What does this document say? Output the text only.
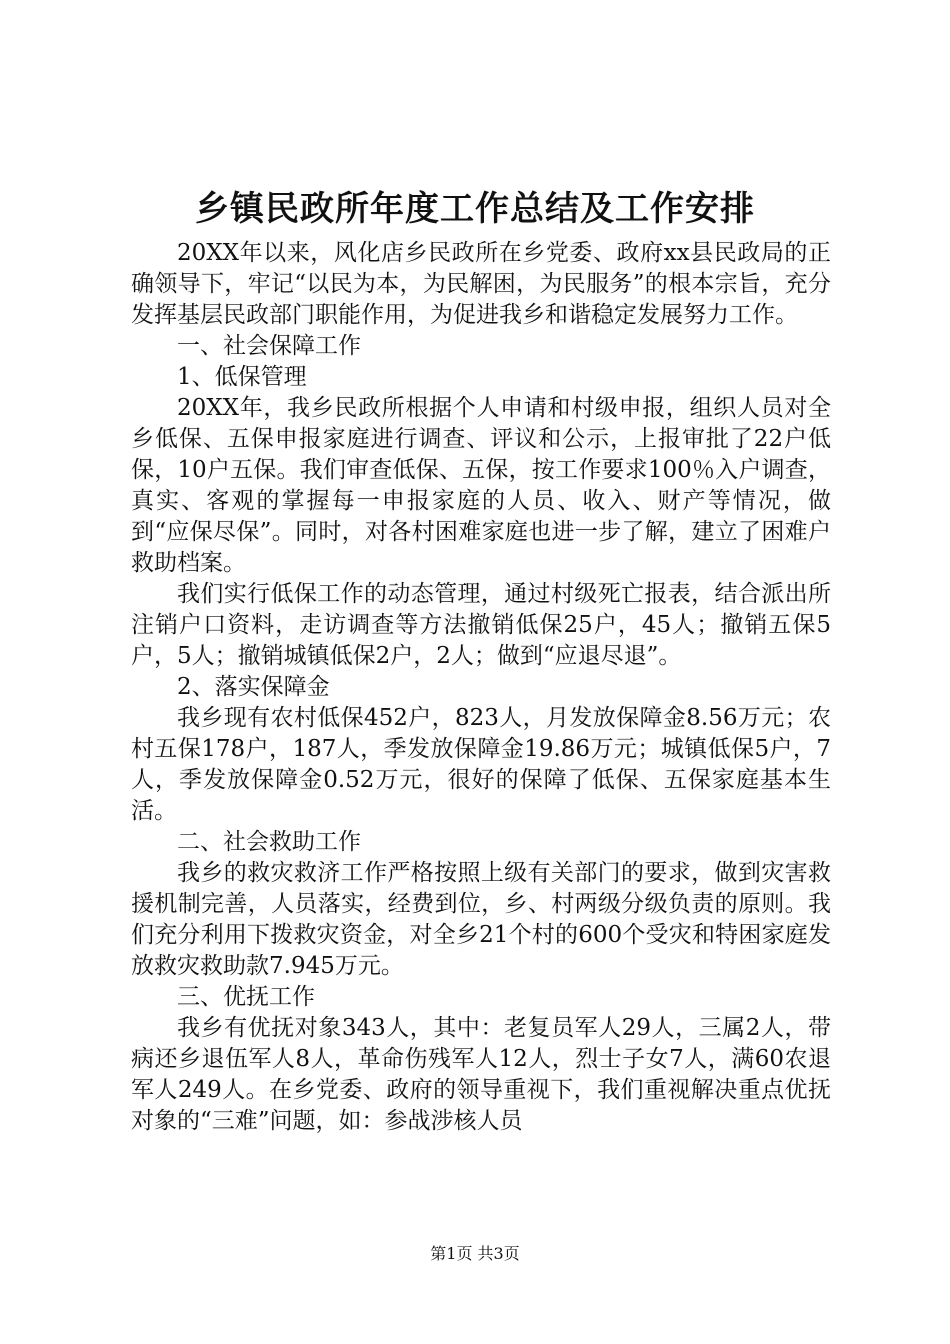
乡镇民政所年度工作总结及工作安排

20XX年以来，风化店乡民政所在乡党委、政府xx县民政局的正确领导下，牢记“以民为本，为民解困，为民服务”的根本宗旨，充分发挥基层民政部门职能作用，为促进我乡和谐稳定发展努力工作。

一、社会保障工作

1、低保管理

20XX年，我乡民政所根据个人申请和村级申报，组织人员对全乡低保、五保申报家庭进行调查、评议和公示，上报审批了22户低保，10户五保。我们审查低保、五保，按工作要求100％入户调查，真实、客观的掌握每一申报家庭的人员、收入、财产等情况，做到“应保尽保”。同时，对各村困难家庭也进一步了解，建立了困难户救助档案。

我们实行低保工作的动态管理，通过村级死亡报表，结合派出所注销户口资料，走访调查等方法撤销低保25户，45人；撤销五保5户，5人；撤销城镇低保2户，2人；做到“应退尽退”。

2、落实保障金

我乡现有农村低保452户，823人，月发放保障金8.56万元；农村五保178户，187人，季发放保障金19.86万元；城镇低保5户，7人，季发放保障金0.52万元，很好的保障了低保、五保家庭基本生活。

二、社会救助工作

我乡的救灾救济工作严格按照上级有关部门的要求，做到灾害救援机制完善，人员落实，经费到位，乡、村两级分级负责的原则。我们充分利用下拨救灾资金，对全乡21个村的600个受灾和特困家庭发放救灾救助款7.945万元。

三、优抚工作

我乡有优抚对象343人，其中：老复员军人29人，三属2人，带病还乡退伍军人8人，革命伤残军人12人，烈士子女7人，满60农退军人249人。在乡党委、政府的领导重视下，我们重视解决重点优抚对象的“三难”问题，如：参战涉核人员

第1页 共3页
